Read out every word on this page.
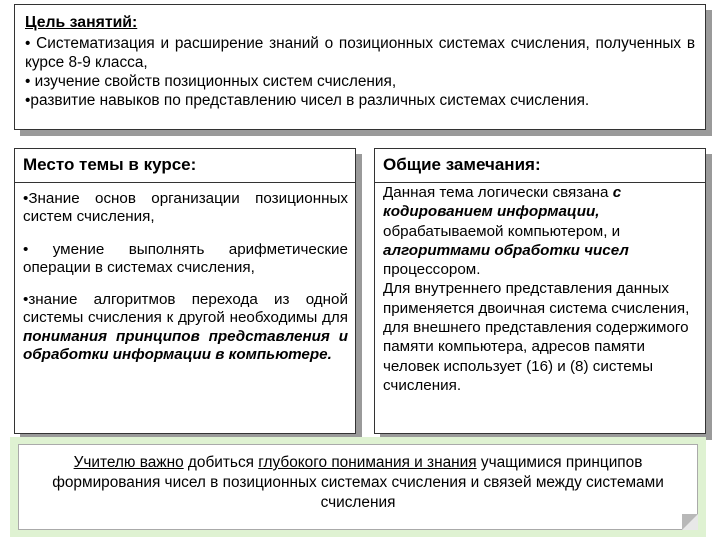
Цель занятий:

• Систематизация и расширение знаний о позиционных системах счисления, полученных в курсе 8-9 класса,

• изучение свойств позиционных систем счисления,

•развитие навыков по представлению чисел в различных системах счисления.

Место темы в курсе:

•Знание основ организации позиционных систем счисления,

• умение выполнять арифметические операции в системах счисления,

•знание алгоритмов перехода из одной системы счисления к другой необходимы для понимания принципов представления и обработки информации в компьютере.

Общие замечания:

Данная тема логически связана с кодированием информации, обрабатываемой компьютером, и алгоритмами обработки чисел процессором.

Для внутреннего представления данных применяется двоичная система счисления, для внешнего представления содержимого памяти компьютера, адресов памяти человек использует (16) и (8) системы счисления.

Учителю важно добиться глубокого понимания и знания учащимися принципов формирования чисел в позиционных системах счисления и связей между системами счисления
